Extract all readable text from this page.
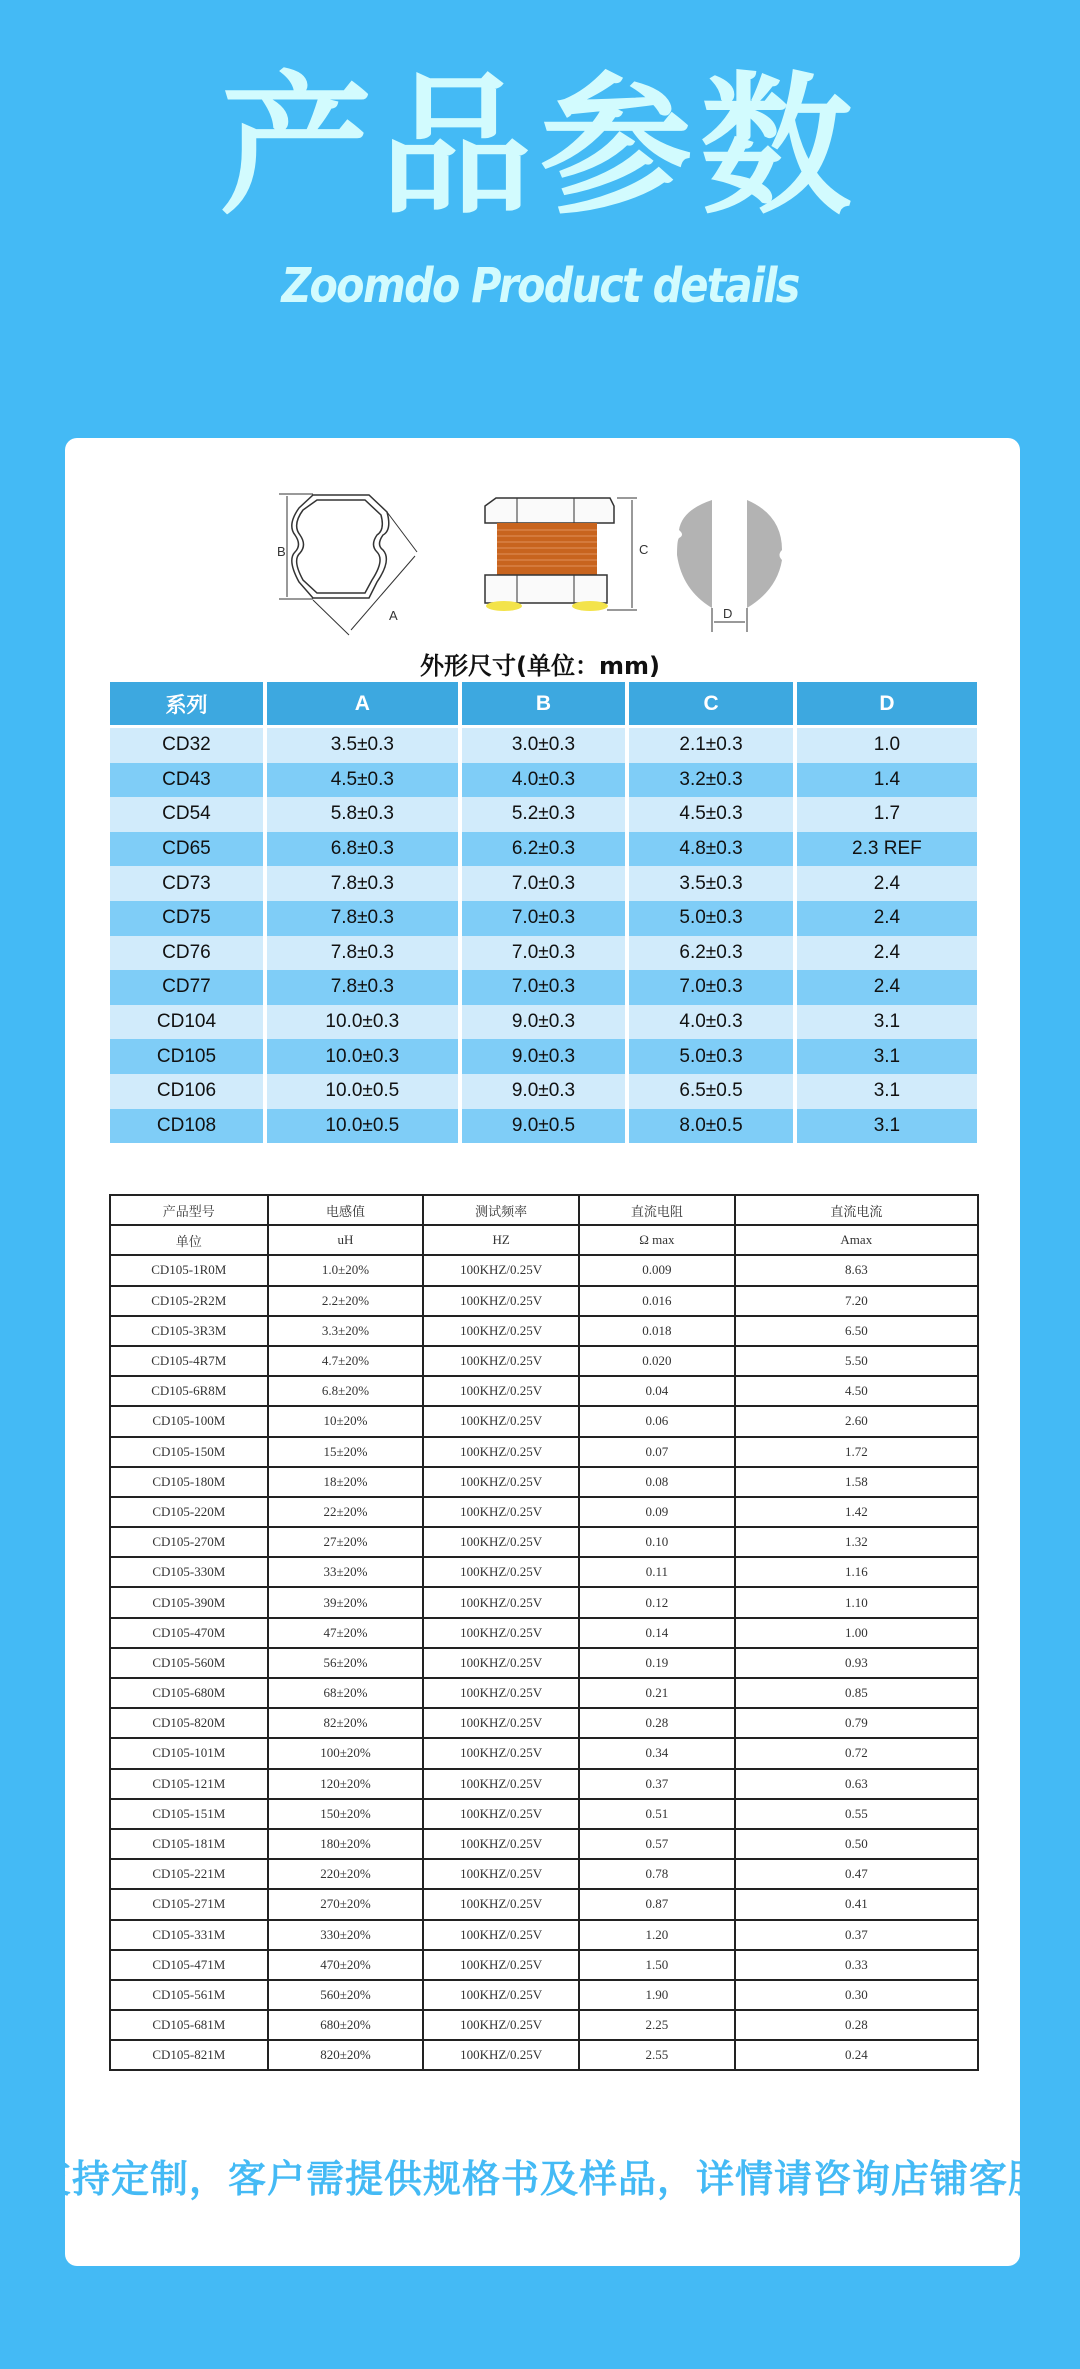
产品参数
Zoomdo Product details
B
A
C
D
外形尺寸(单位：mm)
系列	A	B	C	D
CD32	3.5±0.3	3.0±0.3	2.1±0.3	1.0
CD43	4.5±0.3	4.0±0.3	3.2±0.3	1.4
CD54	5.8±0.3	5.2±0.3	4.5±0.3	1.7
CD65	6.8±0.3	6.2±0.3	4.8±0.3	2.3 REF
CD73	7.8±0.3	7.0±0.3	3.5±0.3	2.4
CD75	7.8±0.3	7.0±0.3	5.0±0.3	2.4
CD76	7.8±0.3	7.0±0.3	6.2±0.3	2.4
CD77	7.8±0.3	7.0±0.3	7.0±0.3	2.4
CD104	10.0±0.3	9.0±0.3	4.0±0.3	3.1
CD105	10.0±0.3	9.0±0.3	5.0±0.3	3.1
CD106	10.0±0.5	9.0±0.3	6.5±0.5	3.1
CD108	10.0±0.5	9.0±0.5	8.0±0.5	3.1
产品型号	电感值	测试频率	直流电阻	直流电流
单位	uH	HZ	Ω max	Amax
CD105-1R0M	1.0±20%	100KHZ/0.25V	0.009	8.63
CD105-2R2M	2.2±20%	100KHZ/0.25V	0.016	7.20
CD105-3R3M	3.3±20%	100KHZ/0.25V	0.018	6.50
CD105-4R7M	4.7±20%	100KHZ/0.25V	0.020	5.50
CD105-6R8M	6.8±20%	100KHZ/0.25V	0.04	4.50
CD105-100M	10±20%	100KHZ/0.25V	0.06	2.60
CD105-150M	15±20%	100KHZ/0.25V	0.07	1.72
CD105-180M	18±20%	100KHZ/0.25V	0.08	1.58
CD105-220M	22±20%	100KHZ/0.25V	0.09	1.42
CD105-270M	27±20%	100KHZ/0.25V	0.10	1.32
CD105-330M	33±20%	100KHZ/0.25V	0.11	1.16
CD105-390M	39±20%	100KHZ/0.25V	0.12	1.10
CD105-470M	47±20%	100KHZ/0.25V	0.14	1.00
CD105-560M	56±20%	100KHZ/0.25V	0.19	0.93
CD105-680M	68±20%	100KHZ/0.25V	0.21	0.85
CD105-820M	82±20%	100KHZ/0.25V	0.28	0.79
CD105-101M	100±20%	100KHZ/0.25V	0.34	0.72
CD105-121M	120±20%	100KHZ/0.25V	0.37	0.63
CD105-151M	150±20%	100KHZ/0.25V	0.51	0.55
CD105-181M	180±20%	100KHZ/0.25V	0.57	0.50
CD105-221M	220±20%	100KHZ/0.25V	0.78	0.47
CD105-271M	270±20%	100KHZ/0.25V	0.87	0.41
CD105-331M	330±20%	100KHZ/0.25V	1.20	0.37
CD105-471M	470±20%	100KHZ/0.25V	1.50	0.33
CD105-561M	560±20%	100KHZ/0.25V	1.90	0.30
CD105-681M	680±20%	100KHZ/0.25V	2.25	0.28
CD105-821M	820±20%	100KHZ/0.25V	2.55	0.24
支持定制，客户需提供规格书及样品，详情请咨询店铺客服
